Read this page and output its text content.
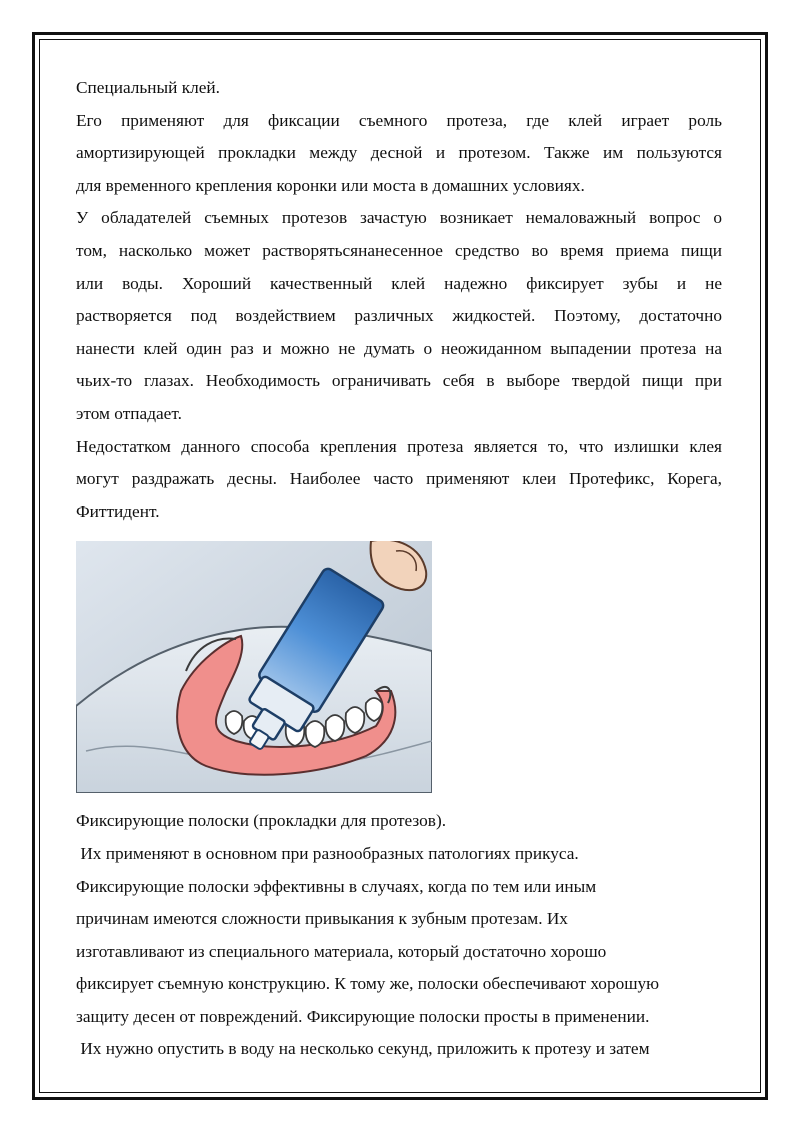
Специальный клей.
Его применяют для фиксации съемного протеза, где клей играет роль
амортизирующей прокладки между десной и протезом. Также им пользуются
для временного крепления коронки или моста в домашних условиях.
У обладателей съемных протезов зачастую возникает немаловажный вопрос о
том, насколько может растворятьсянанесенное средство во время приема пищи
или воды. Хороший качественный клей надежно фиксирует зубы и не
растворяется под воздействием различных жидкостей. Поэтому, достаточно
нанести клей один раз и можно не думать о неожиданном выпадении протеза на
чьих-то глазах. Необходимость ограничивать себя в выборе твердой пищи при
этом отпадает.
Недостатком данного способа крепления протеза является то, что излишки клея
могут раздражать десны. Наиболее часто применяют клеи Протефикс, Корега,
Фиттидент.
Фиксирующие полоски (прокладки для протезов).
Их применяют в основном при разнообразных патологиях прикуса.
Фиксирующие полоски эффективны в случаях, когда по тем или иным
причинам имеются сложности привыкания к зубным протезам. Их
изготавливают из специального материала, который достаточно хорошо
фиксирует съемную конструкцию. К тому же, полоски обеспечивают хорошую
защиту десен от повреждений. Фиксирующие полоски просты в применении.
Их нужно опустить в воду на несколько секунд, приложить к протезу и затем
